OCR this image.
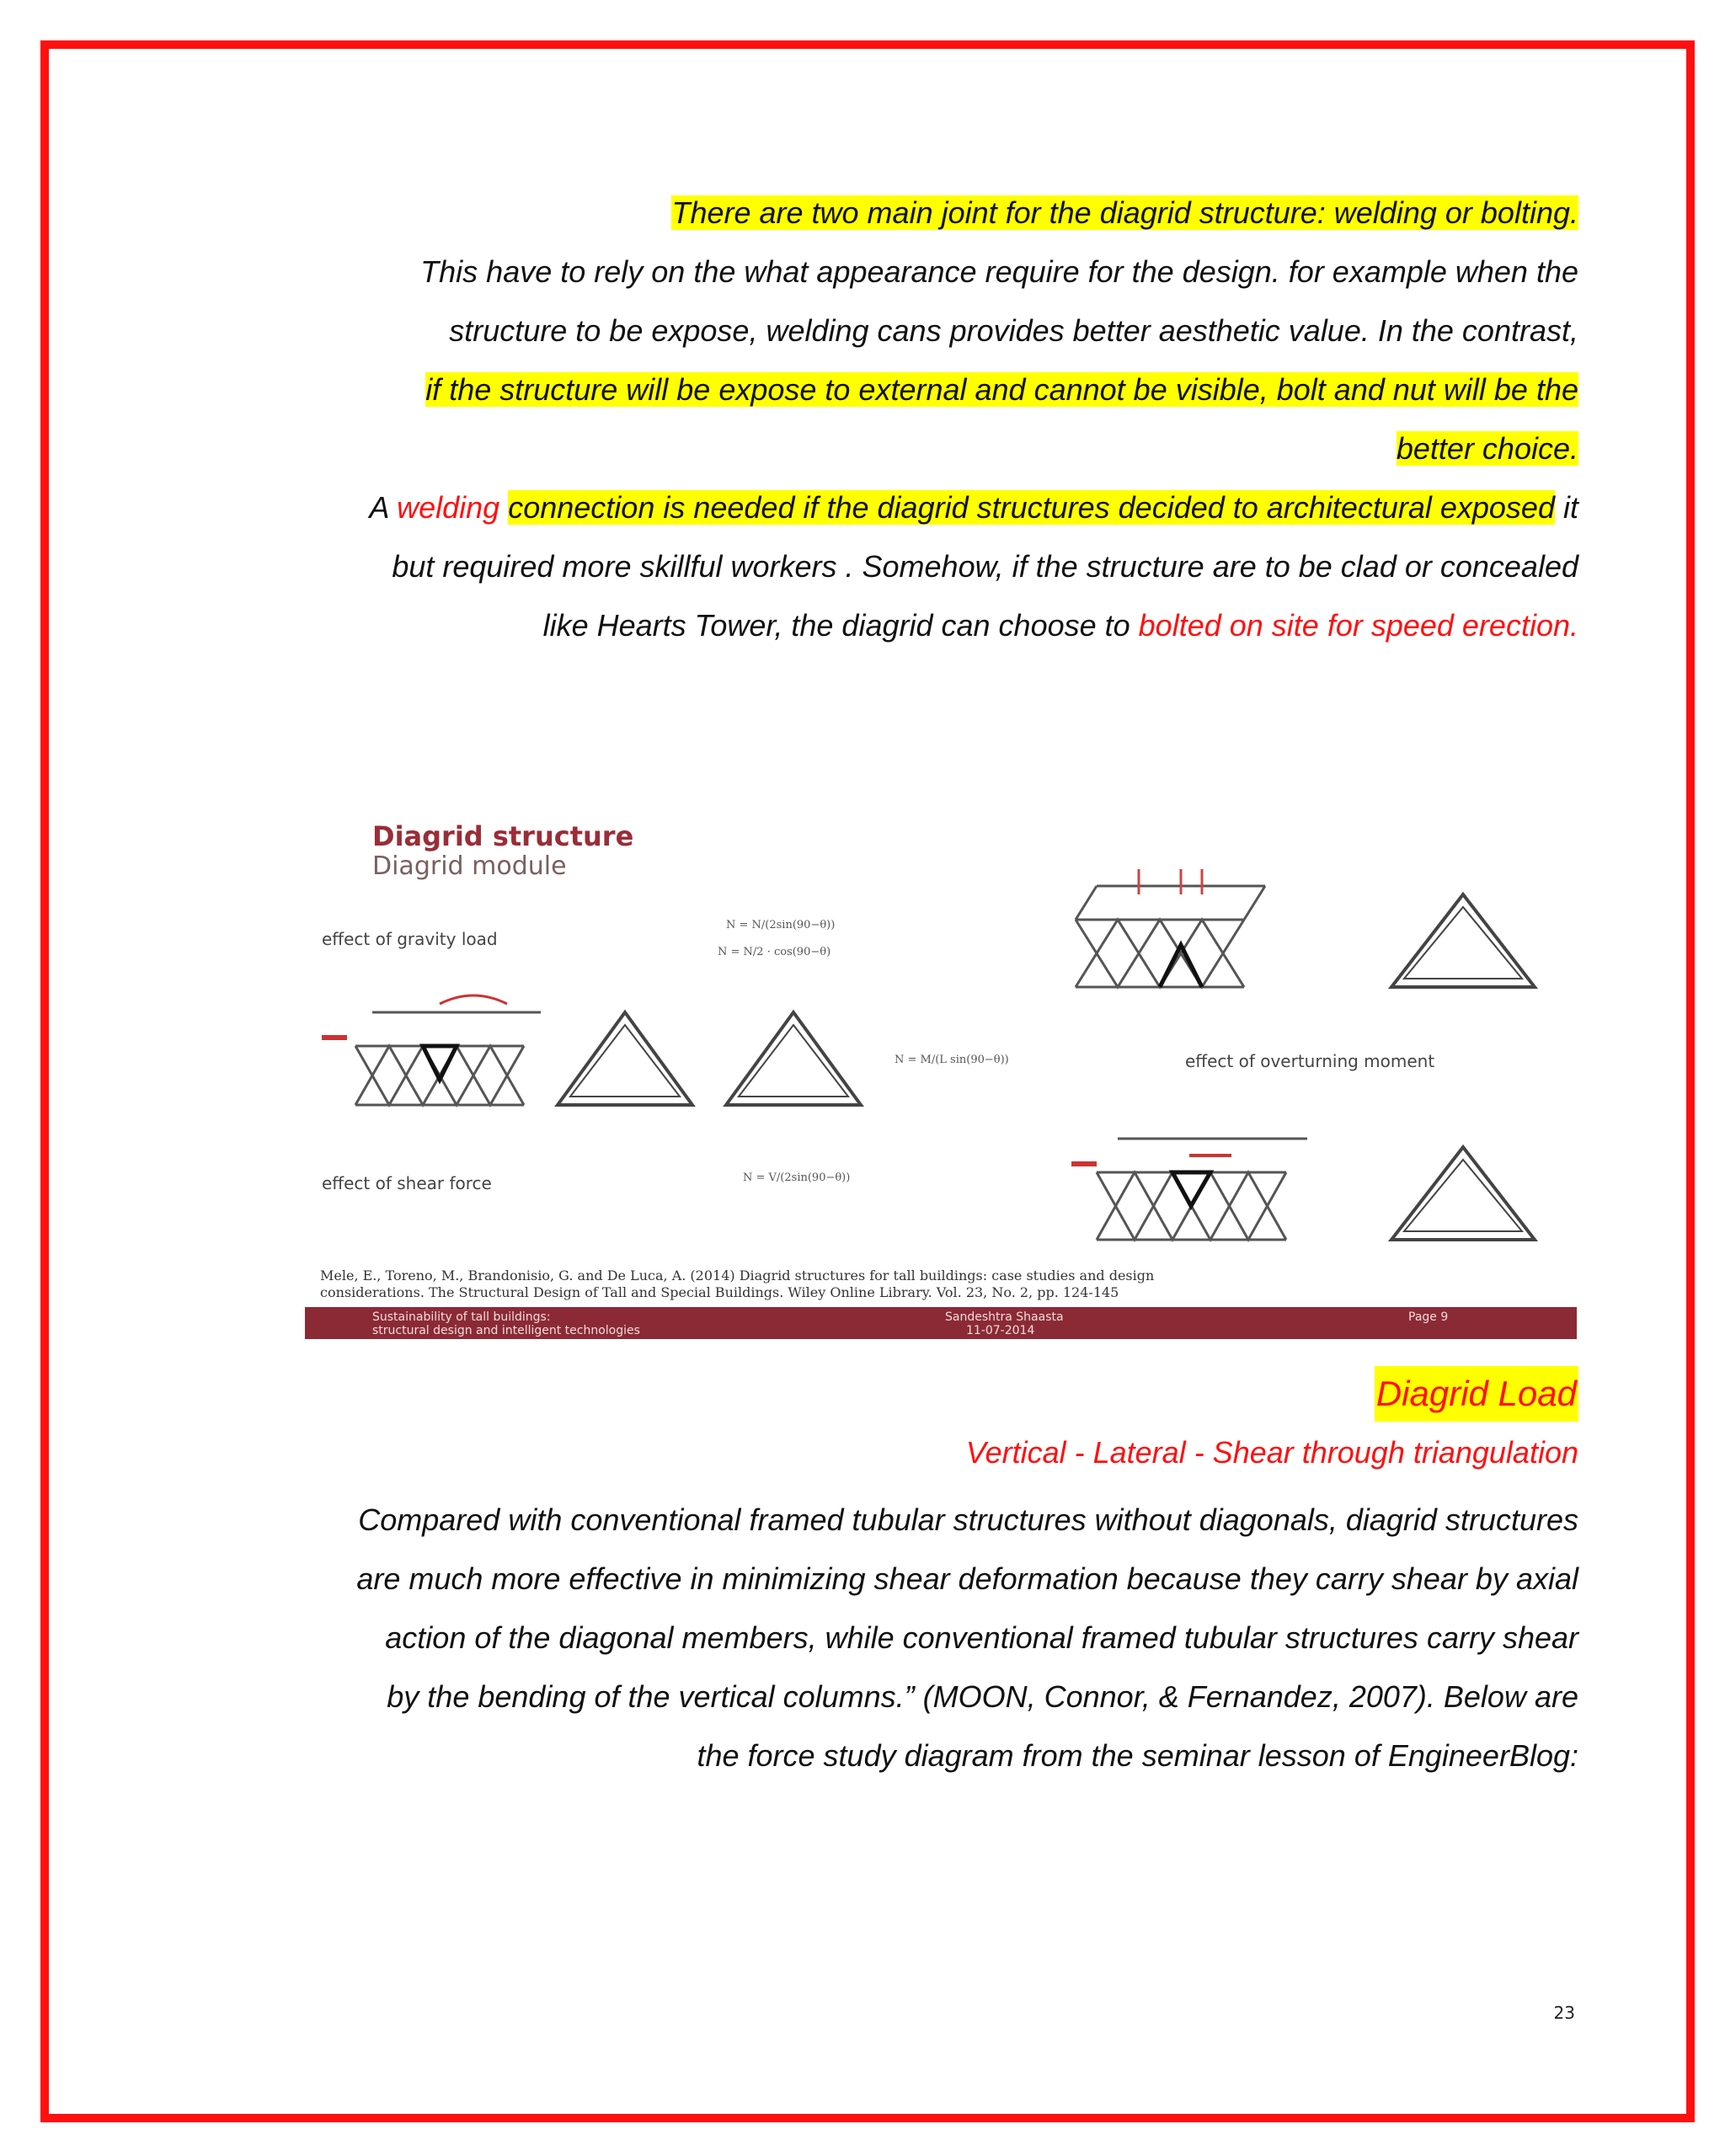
There are two main joint for the diagrid structure: welding or bolting.
This have to rely on the what appearance require for the design. for example when the
structure to be expose, welding cans provides better aesthetic value. In the contrast,
if the structure will be expose to external and cannot be visible, bolt and nut will be the
better choice.
A welding connection is needed if the diagrid structures decided to architectural exposed it
but required more skillful workers . Somehow, if the structure are to be clad or concealed
like Hearts Tower, the diagrid can choose to bolted on site for speed erection.
Diagrid structure
Diagrid module
effect of gravity load
N = N/(2sin(90−θ))
N = N/2 · cos(90−θ)
N = M/(L sin(90−θ))	effect of overturning moment
effect of shear force	N = V/(2sin(90−θ))
Mele, E., Toreno, M., Brandonisio, G. and De Luca, A. (2014) Diagrid structures for tall buildings: case studies and design
considerations. The Structural Design of Tall and Special Buildings. Wiley Online Library. Vol. 23, No. 2, pp. 124-145
Sustainability of tall buildings:
structural design and intelligent technologies
Sandeshtra Shaasta
11-07-2014
Page 9
Diagrid Load
Vertical - Lateral - Shear through triangulation
Compared with conventional framed tubular structures without diagonals, diagrid structures
are much more effective in minimizing shear deformation because they carry shear by axial
action of the diagonal members, while conventional framed tubular structures carry shear
by the bending of the vertical columns.” (MOON, Connor, & Fernandez, 2007). Below are
the force study diagram from the seminar lesson of EngineerBlog:
23
